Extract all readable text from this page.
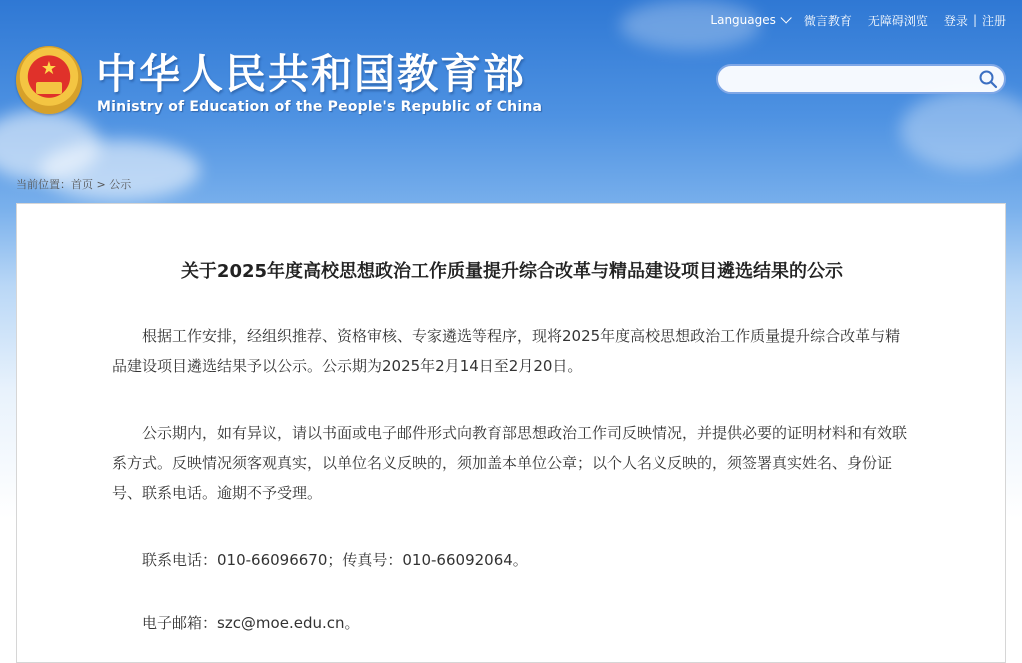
★ 中华人民共和国教育部
Ministry of Education of the People's Republic of China
Languages 微言教育 无障碍浏览 登录 | 注册
当前位置：首页 > 公示
关于2025年度高校思想政治工作质量提升综合改革与精品建设项目遴选结果的公示

根据工作安排，经组织推荐、资格审核、专家遴选等程序，现将2025年度高校思想政治工作质量提升综合改革与精品建设项目遴选结果予以公示。公示期为2025年2月14日至2月20日。

公示期内，如有异议，请以书面或电子邮件形式向教育部思想政治工作司反映情况，并提供必要的证明材料和有效联系方式。反映情况须客观真实，以单位名义反映的，须加盖本单位公章；以个人名义反映的，须签署真实姓名、身份证号、联系电话。逾期不予受理。

联系电话：010-66096670；传真号：010-66092064。

电子邮箱：szc@moe.edu.cn。
